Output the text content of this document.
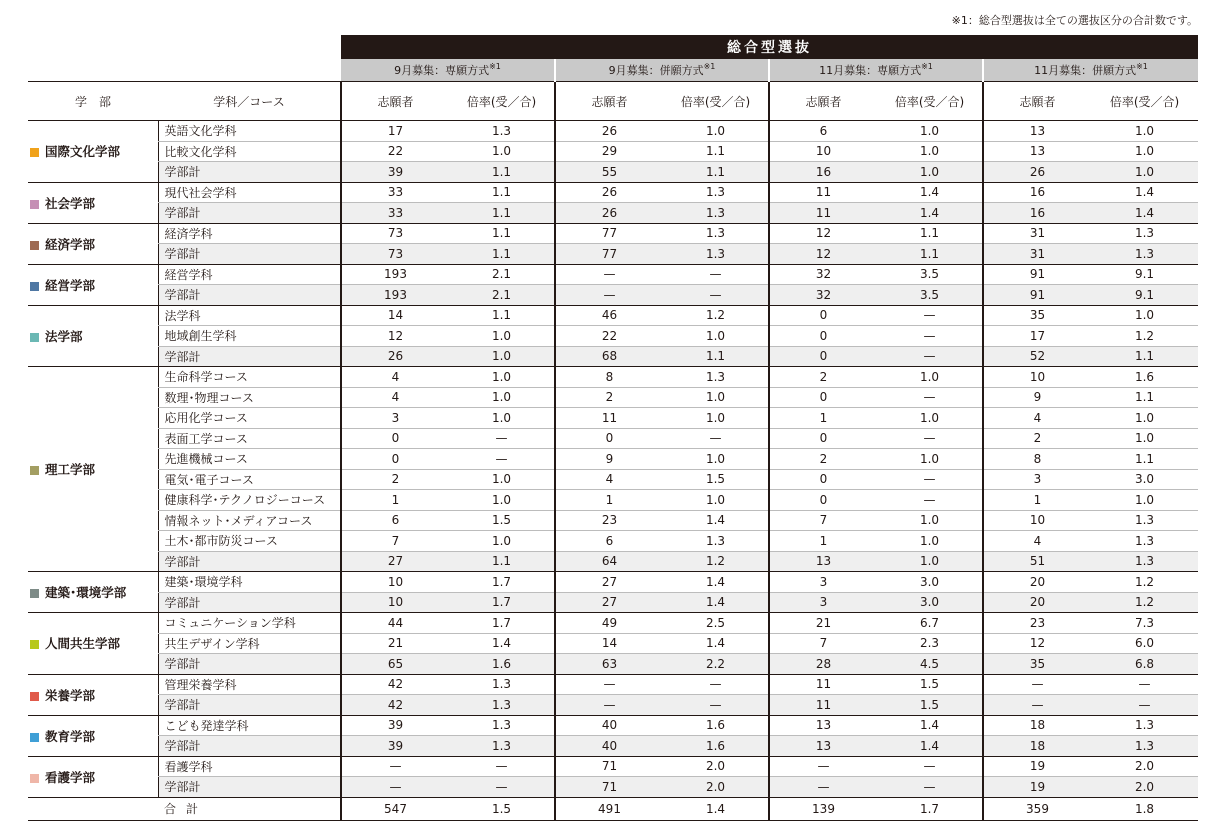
※1：総合型選抜は全ての選抜区分の合計数です。
		総合型選抜							
		9月募集：専願方式$^{※1}$		9月募集：併願方式$^{※1}$		11月募集：専願方式$^{※1}$		11月募集：併願方式$^{※1}$
学　部	学科／コース	志願者	倍率(受／合)	志願者	倍率(受／合)	志願者	倍率(受／合)	志願者	倍率(受／合)
国際文化学部	英語文化学科	17	1.3	26	1.0	6	1.0	13	1.0
	比較文化学科	22	1.0	29	1.1	10	1.0	13	1.0
	学部計	39	1.1	55	1.1	16	1.0	26	1.0
社会学部	現代社会学科	33	1.1	26	1.3	11	1.4	16	1.4
	学部計	33	1.1	26	1.3	11	1.4	16	1.4
経済学部	経済学科	73	1.1	77	1.3	12	1.1	31	1.3
	学部計	73	1.1	77	1.3	12	1.1	31	1.3
経営学部	経営学科	193	2.1	—	—	32	3.5	91	9.1
	学部計	193	2.1	—	—	32	3.5	91	9.1
法学部	法学科	14	1.1	46	1.2	0	—	35	1.0
	地域創生学科	12	1.0	22	1.0	0	—	17	1.2
	学部計	26	1.0	68	1.1	0	—	52	1.1
理工学部	生命科学コース	4	1.0	8	1.3	2	1.0	10	1.6
	数理･物理コース	4	1.0	2	1.0	0	—	9	1.1
	応用化学コース	3	1.0	11	1.0	1	1.0	4	1.0
	表面工学コース	0	—	0	—	0	—	2	1.0
	先進機械コース	0	—	9	1.0	2	1.0	8	1.1
	電気･電子コース	2	1.0	4	1.5	0	—	3	3.0
	健康科学･テクノロジーコース	1	1.0	1	1.0	0	—	1	1.0
	情報ネット･メディアコース	6	1.5	23	1.4	7	1.0	10	1.3
	土木･都市防災コース	7	1.0	6	1.3	1	1.0	4	1.3
	学部計	27	1.1	64	1.2	13	1.0	51	1.3
建築･環境学部	建築･環境学科	10	1.7	27	1.4	3	3.0	20	1.2
	学部計	10	1.7	27	1.4	3	3.0	20	1.2
人間共生学部	コミュニケーション学科	44	1.7	49	2.5	21	6.7	23	7.3
	共生デザイン学科	21	1.4	14	1.4	7	2.3	12	6.0
	学部計	65	1.6	63	2.2	28	4.5	35	6.8
栄養学部	管理栄養学科	42	1.3	—	—	11	1.5	—	—
	学部計	42	1.3	—	—	11	1.5	—	—
教育学部	こども発達学科	39	1.3	40	1.6	13	1.4	18	1.3
	学部計	39	1.3	40	1.6	13	1.4	18	1.3
看護学部	看護学科	—	—	71	2.0	—	—	19	2.0
	学部計	—	—	71	2.0	—	—	19	2.0
	合計	547	1.5	491	1.4	139	1.7	359	1.8
